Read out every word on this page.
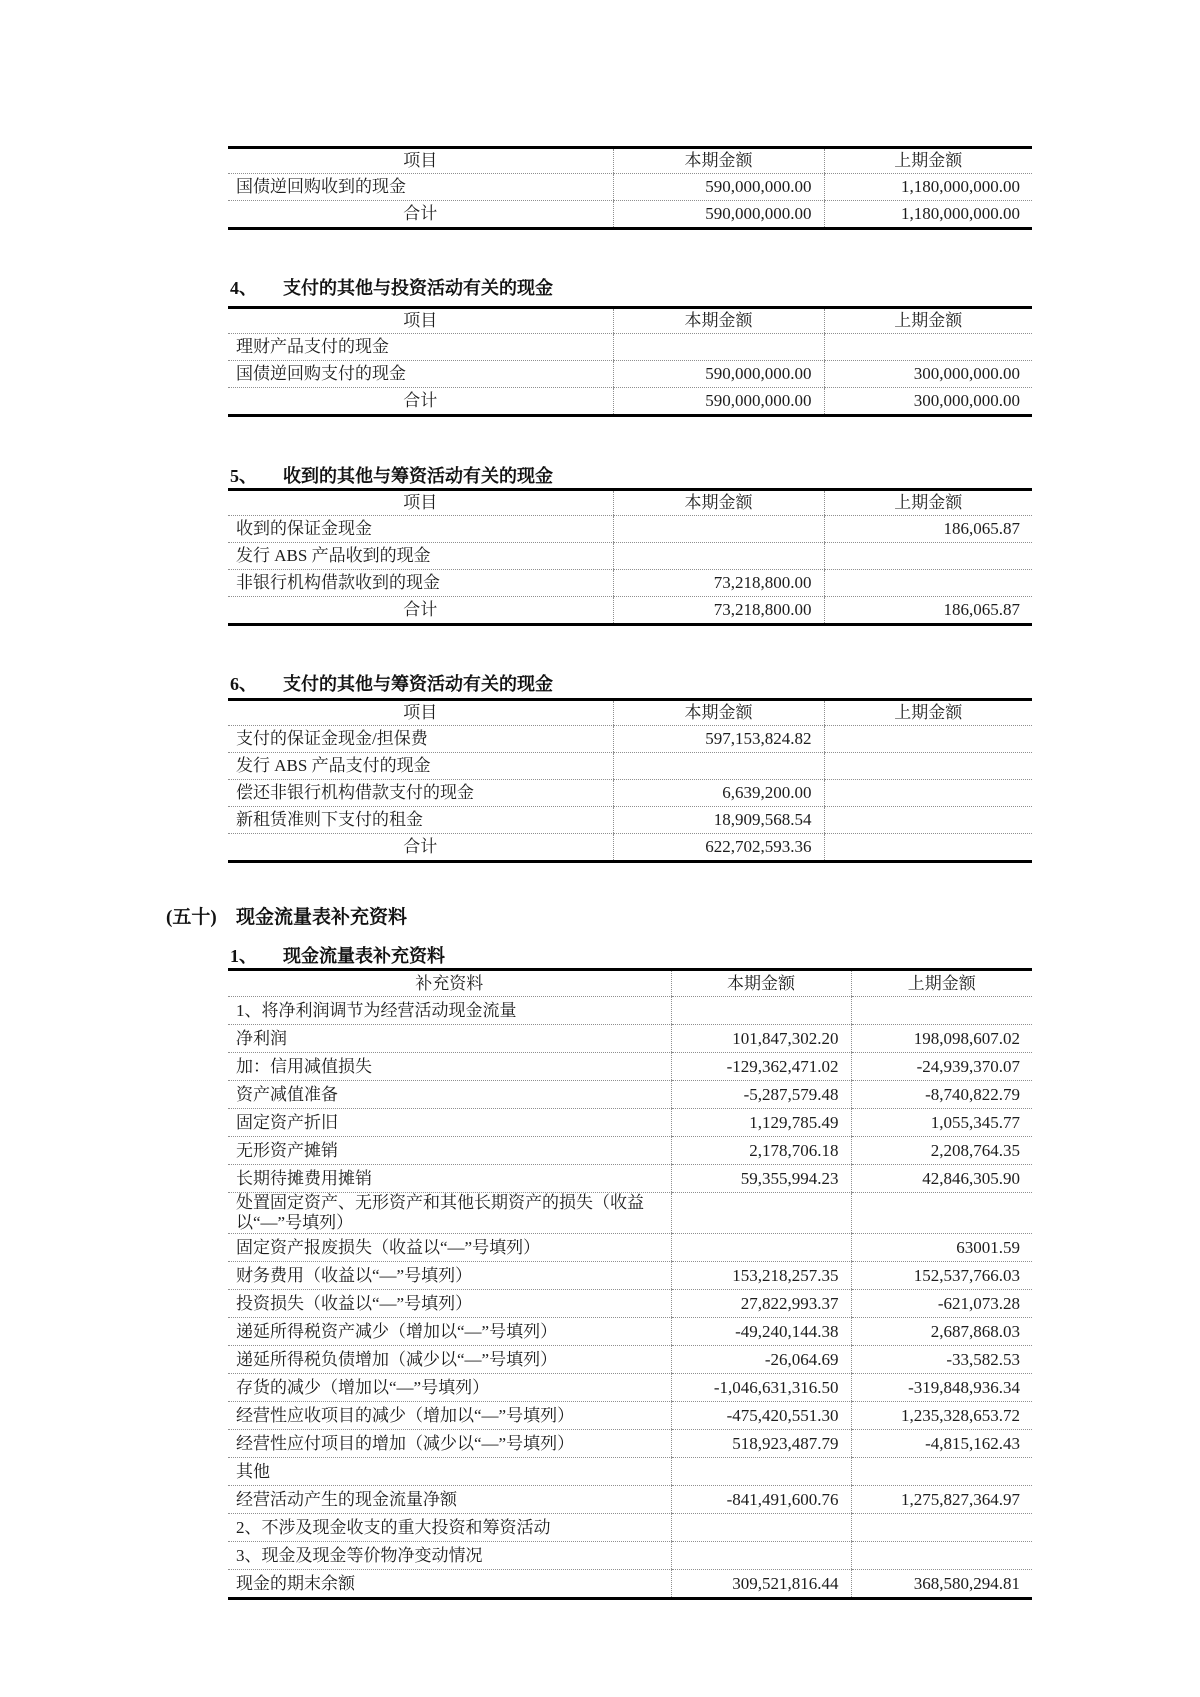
项目	本期金额	上期金额
国债逆回购收到的现金	590,000,000.00	1,180,000,000.00
合计	590,000,000.00	1,180,000,000.00
4、 支付的其他与投资活动有关的现金
项目	本期金额	上期金额
理财产品支付的现金		
国债逆回购支付的现金	590,000,000.00	300,000,000.00
合计	590,000,000.00	300,000,000.00
5、 收到的其他与筹资活动有关的现金
项目	本期金额	上期金额
收到的保证金现金		186,065.87
发行 ABS 产品收到的现金		
非银行机构借款收到的现金	73,218,800.00	
合计	73,218,800.00	186,065.87
6、 支付的其他与筹资活动有关的现金
项目	本期金额	上期金额
支付的保证金现金/担保费	597,153,824.82	
发行 ABS 产品支付的现金		
偿还非银行机构借款支付的现金	6,639,200.00	
新租赁准则下支付的租金	18,909,568.54	
合计	622,702,593.36	
(五十) 现金流量表补充资料
1、 现金流量表补充资料
补充资料	本期金额	上期金额
1、将净利润调节为经营活动现金流量		
净利润	101,847,302.20	198,098,607.02
加：信用减值损失	-129,362,471.02	-24,939,370.07
资产减值准备	-5,287,579.48	-8,740,822.79
固定资产折旧	1,129,785.49	1,055,345.77
无形资产摊销	2,178,706.18	2,208,764.35
长期待摊费用摊销	59,355,994.23	42,846,305.90
处置固定资产、无形资产和其他长期资产的损失（收益以“—”号填列）		
固定资产报废损失（收益以“—”号填列）		63001.59
财务费用（收益以“—”号填列）	153,218,257.35	152,537,766.03
投资损失（收益以“—”号填列）	27,822,993.37	-621,073.28
递延所得税资产减少（增加以“—”号填列）	-49,240,144.38	2,687,868.03
递延所得税负债增加（减少以“—”号填列）	-26,064.69	-33,582.53
存货的减少（增加以“—”号填列）	-1,046,631,316.50	-319,848,936.34
经营性应收项目的减少（增加以“—”号填列）	-475,420,551.30	1,235,328,653.72
经营性应付项目的增加（减少以“—”号填列）	518,923,487.79	-4,815,162.43
其他		
经营活动产生的现金流量净额	-841,491,600.76	1,275,827,364.97
2、不涉及现金收支的重大投资和筹资活动		
3、现金及现金等价物净变动情况		
现金的期末余额	309,521,816.44	368,580,294.81
